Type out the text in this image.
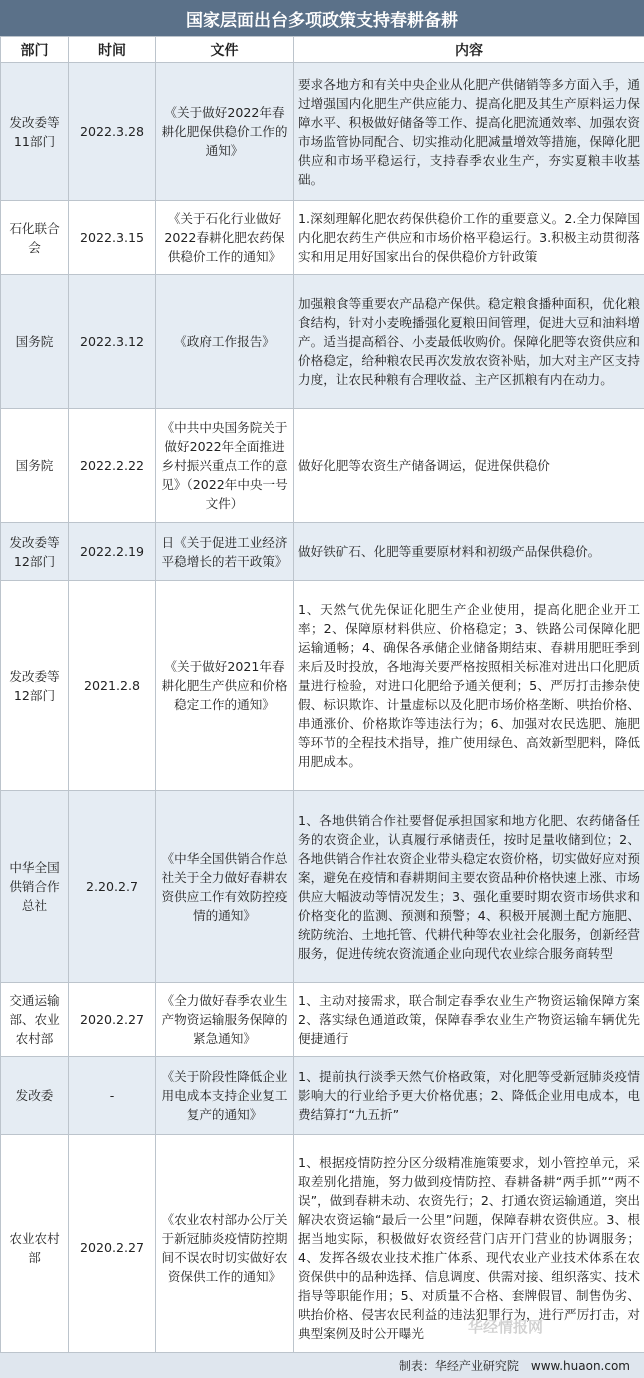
国家层面出台多项政策支持春耕备耕
部门	时间	文件	内容
发改委等11部门	2022.3.28	《关于做好2022年春耕化肥保供稳价工作的通知》	要求各地方和有关中央企业从化肥产供储销等多方面入手，通过增强国内化肥生产供应能力、提高化肥及其生产原料运力保障水平、积极做好储备等工作、提高化肥流通效率、加强农资市场监管协同配合、切实推动化肥减量增效等措施，保障化肥供应和市场平稳运行，支持春季农业生产，夯实夏粮丰收基础。
石化联合会	2022.3.15	《关于石化行业做好2022春耕化肥农药保供稳价工作的通知》	1.深刻理解化肥农药保供稳价工作的重要意义。2.全力保障国内化肥农药生产供应和市场价格平稳运行。3.积极主动贯彻落实和用足用好国家出台的保供稳价方针政策
国务院	2022.3.12	《政府工作报告》	加强粮食等重要农产品稳产保供。稳定粮食播种面积，优化粮食结构，针对小麦晚播强化夏粮田间管理，促进大豆和油料增产。适当提高稻谷、小麦最低收购价。保障化肥等农资供应和价格稳定，给种粮农民再次发放农资补贴，加大对主产区支持力度，让农民种粮有合理收益、主产区抓粮有内在动力。
国务院	2022.2.22	《中共中央国务院关于做好2022年全面推进乡村振兴重点工作的意见》（2022年中央一号文件）	做好化肥等农资生产储备调运，促进保供稳价
发改委等12部门	2022.2.19	日《关于促进工业经济平稳增长的若干政策》	做好铁矿石、化肥等重要原材料和初级产品保供稳价。
发改委等12部门	2021.2.8	《关于做好2021年春耕化肥生产供应和价格稳定工作的通知》	1、天然气优先保证化肥生产企业使用，提高化肥企业开工率；2、保障原材料供应、价格稳定；3、铁路公司保障化肥运输通畅；4、确保各承储企业储备期结束、春耕用肥旺季到来后及时投放，各地海关要严格按照相关标准对进出口化肥质量进行检验，对进口化肥给予通关便利；5、严厉打击掺杂使假、标识欺诈、计量虚标以及化肥市场价格垄断、哄抬价格、串通涨价、价格欺诈等违法行为；6、加强对农民选肥、施肥等环节的全程技术指导，推广使用绿色、高效新型肥料，降低用肥成本。
中华全国供销合作总社	2.20.2.7	《中华全国供销合作总社关于全力做好春耕农资供应工作有效防控疫情的通知》	1、各地供销合作社要督促承担国家和地方化肥、农药储备任务的农资企业，认真履行承储责任，按时足量收储到位；2、各地供销合作社农资企业带头稳定农资价格，切实做好应对预案，避免在疫情和春耕期间主要农资品种价格快速上涨、市场供应大幅波动等情况发生；3、强化重要时期农资市场供求和价格变化的监测、预测和预警；4、积极开展测土配方施肥、统防统治、土地托管、代耕代种等农业社会化服务，创新经营服务，促进传统农资流通企业向现代农业综合服务商转型
交通运输部、农业农村部	2020.2.27	《全力做好春季农业生产物资运输服务保障的紧急通知》	1、主动对接需求，联合制定春季农业生产物资运输保障方案2、落实绿色通道政策，保障春季农业生产物资运输车辆优先便捷通行
发改委	-	《关于阶段性降低企业用电成本支持企业复工复产的通知》	1、提前执行淡季天然气价格政策，对化肥等受新冠肺炎疫情影响大的行业给予更大价格优惠；2、降低企业用电成本，电费结算打“九五折”
农业农村部	2020.2.27	《农业农村部办公厅关于新冠肺炎疫情防控期间不误农时切实做好农资保供工作的通知》	1、根据疫情防控分区分级精准施策要求，划小管控单元，采取差别化措施，努力做到疫情防控、春耕备耕“两手抓”“两不误”，做到春耕未动、农资先行；2、打通农资运输通道，突出解决农资运输“最后一公里”问题，保障春耕农资供应。3、根据当地实际，积极做好农资经营门店开门营业的协调服务；4、发挥各级农业技术推广体系、现代农业产业技术体系在农资保供中的品种选择、信息调度、供需对接、组织落实、技术指导等职能作用；5、对质量不合格、套牌假冒、制售伪劣、哄抬价格、侵害农民利益的违法犯罪行为，进行严厉打击，对典型案例及时公开曝光	华经情报网
制表：华经产业研究院 www.huaon.com
